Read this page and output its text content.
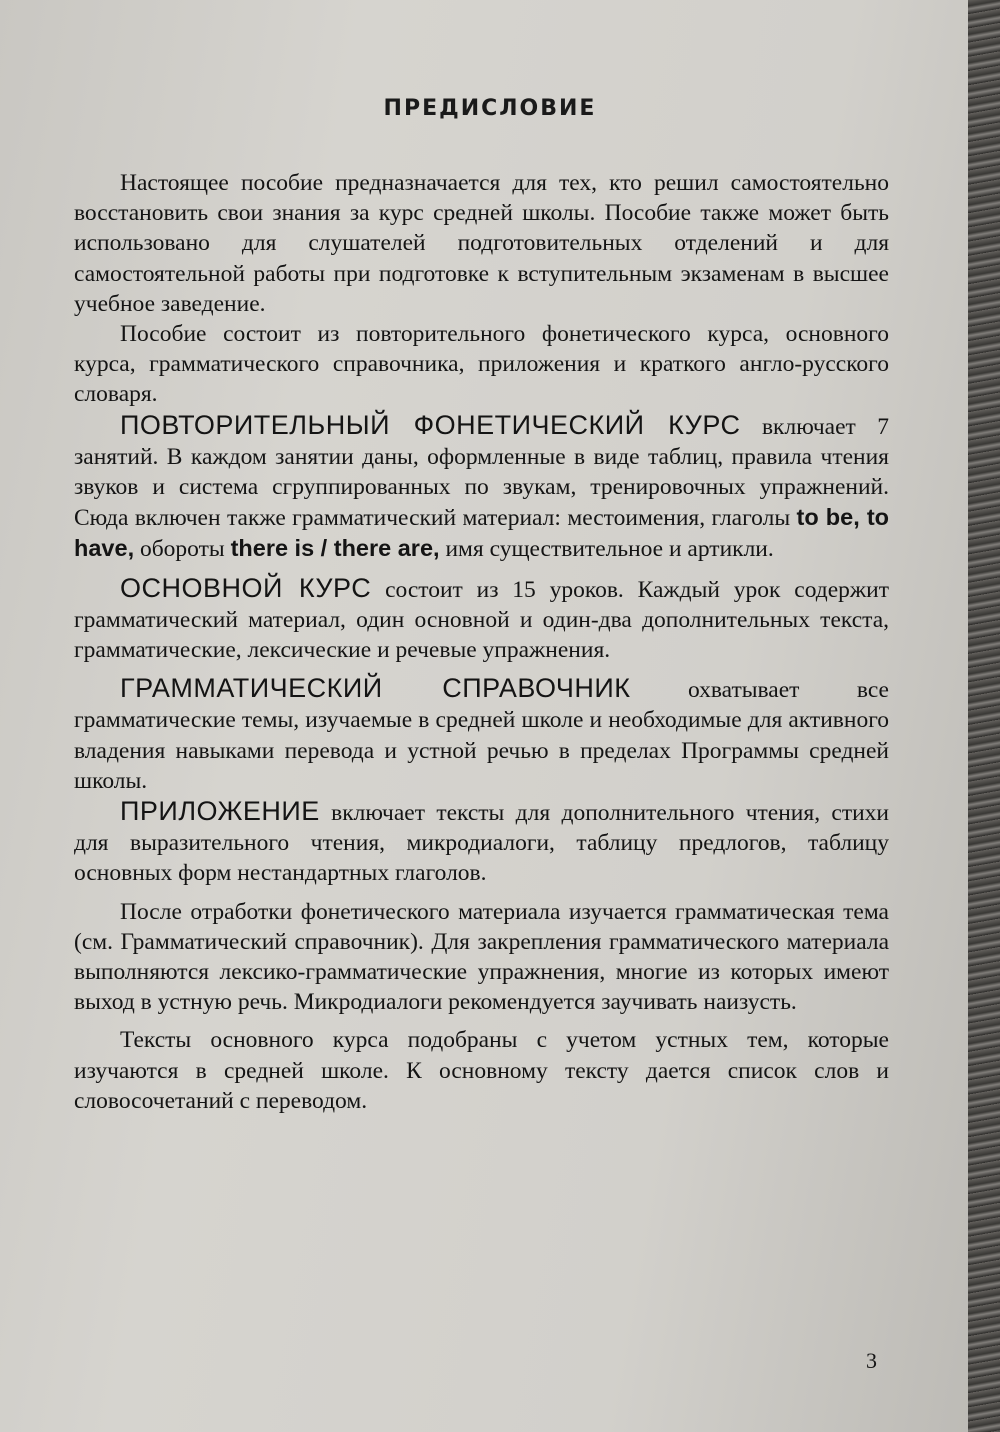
ПРЕДИСЛОВИЕ

Настоящее пособие предназначается для тех, кто решил самостоятельно восстановить свои знания за курс средней школы. Пособие также может быть использовано для слушателей подготовительных отделений и для самостоятельной работы при подготовке к вступительным экзаменам в высшее учебное заведение.

Пособие состоит из повторительного фонетического курса, основного курса, грамматического справочника, приложения и краткого англо-русского словаря.

ПОВТОРИТЕЛЬНЫЙ ФОНЕТИЧЕСКИЙ КУРС включает 7 занятий. В каждом занятии даны, оформленные в виде таблиц, правила чтения звуков и система сгруппированных по звукам, тренировочных упражнений. Сюда включен также грамматический материал: местоимения, глаголы to be, to have, обороты there is / there are, имя существительное и артикли.

ОСНОВНОЙ КУРС состоит из 15 уроков. Каждый урок содержит грамматический материал, один основной и один-два дополнительных текста, грамматические, лексические и речевые упражнения.

ГРАММАТИЧЕСКИЙ СПРАВОЧНИК охватывает все грамматические темы, изучаемые в средней школе и необходимые для активного владения навыками перевода и устной речью в пределах Программы средней школы.

ПРИЛОЖЕНИЕ включает тексты для дополнительного чтения, стихи для выразительного чтения, микродиалоги, таблицу предлогов, таблицу основных форм нестандартных глаголов.

После отработки фонетического материала изучается грамматическая тема (см. Грамматический справочник). Для закрепления грамматического материала выполняются лексико-грамматические упражнения, многие из которых имеют выход в устную речь. Микродиалоги рекомендуется заучивать наизусть.

Тексты основного курса подобраны с учетом устных тем, которые изучаются в средней школе. К основному тексту дается список слов и словосочетаний с переводом.

3
